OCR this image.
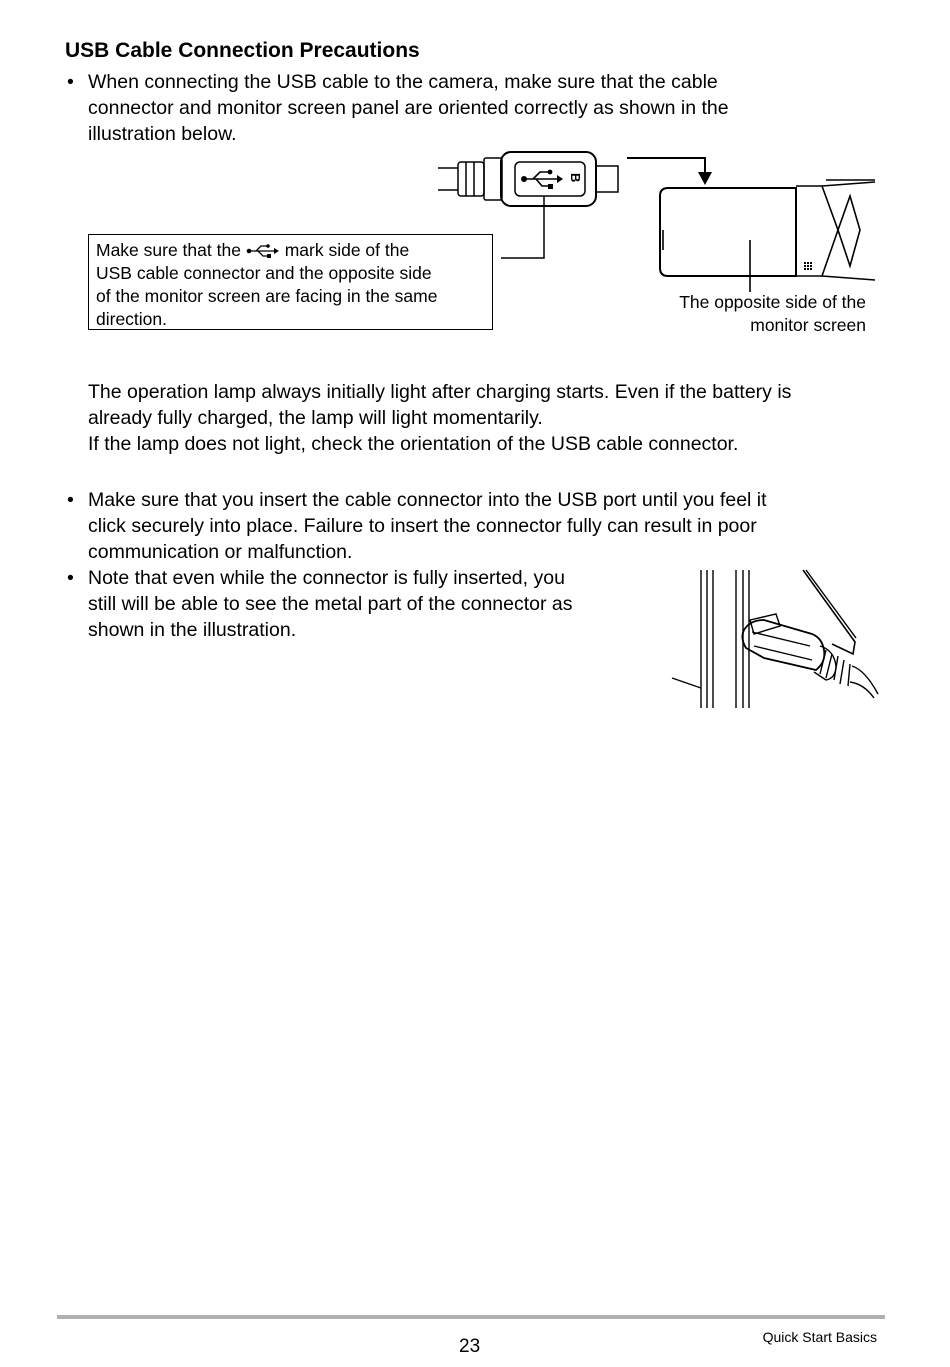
USB Cable Connection Precautions
• When connecting the USB cable to the camera, make sure that the cable
connector and monitor screen panel are oriented correctly as shown in the
illustration below.

B
Make sure that the	mark side of the
USB cable connector and the opposite side
of the monitor screen are facing in the same
direction.
The opposite side of the
monitor screen

The operation lamp always initially light after charging starts. Even if the battery is
already fully charged, the lamp will light momentarily.
If the lamp does not light, check the orientation of the USB cable connector.

• Make sure that you insert the cable connector into the USB port until you feel it
click securely into place. Failure to insert the connector fully can result in poor
communication or malfunction.

• Note that even while the connector is fully inserted, you
still will be able to see the metal part of the connector as
shown in the illustration.

23	Quick Start Basics
